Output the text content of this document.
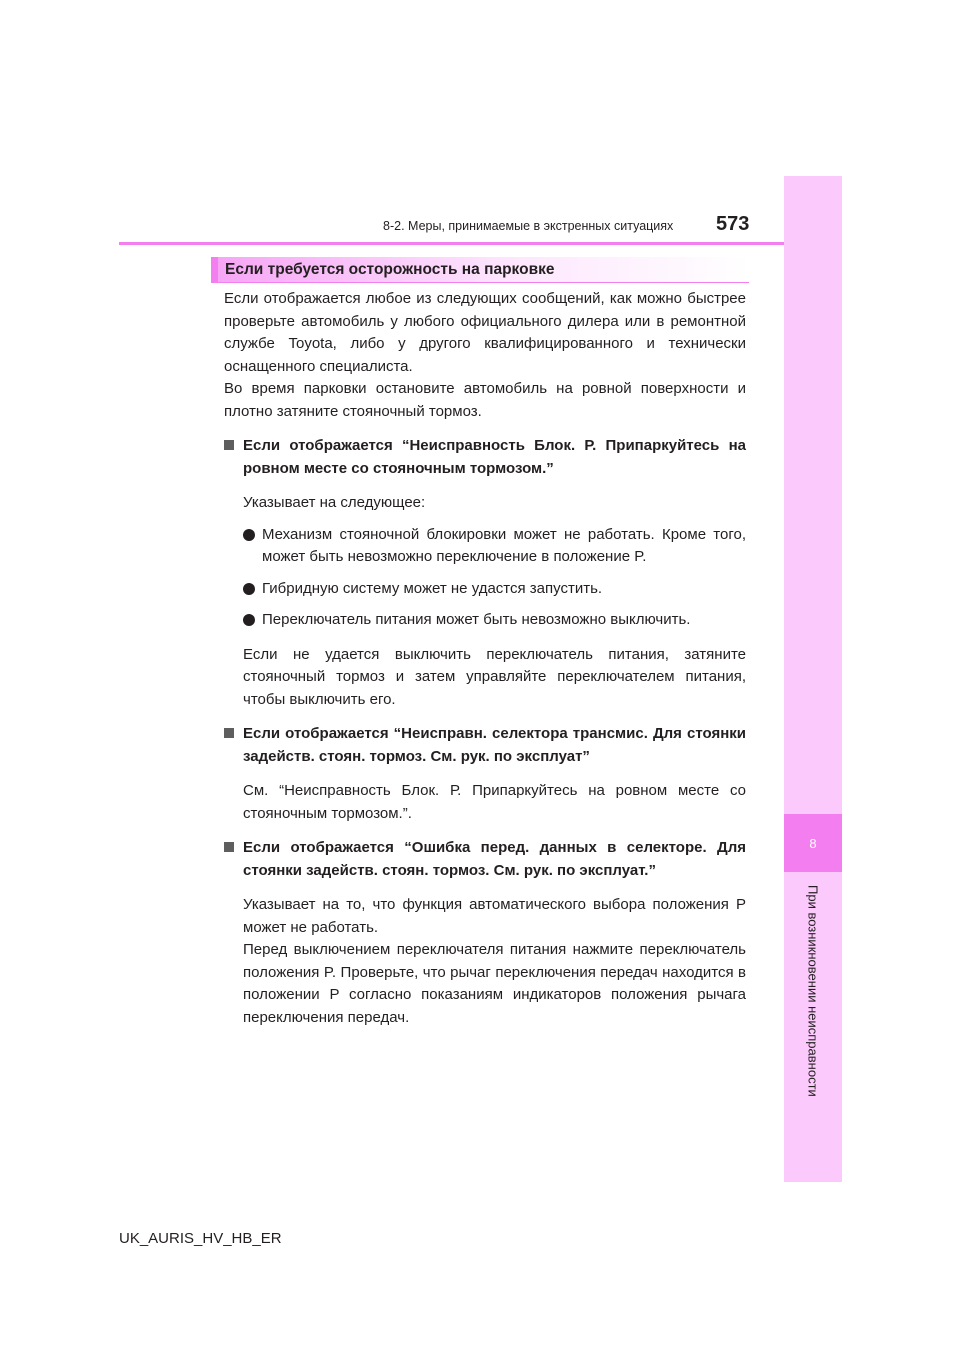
8
При возникновении неисправности
8-2. Меры, принимаемые в экстренных ситуациях 573
Если требуется осторожность на парковке

Если отображается любое из следующих сообщений, как можно быстрее проверьте автомобиль у любого официального дилера или в ремонтной службе Toyota, либо у другого квалифицированного и технически оснащенного специалиста.

Во время парковки остановите автомобиль на ровной поверхности и плотно затяните стояночный тормоз.

Если отображается “Неисправность Блок. Р. Припаркуйтесь на ровном месте со стояночным тормозом.”

Указывает на следующее:

Механизм стояночной блокировки может не работать. Кроме того, может быть невозможно переключение в положение P.
Гибридную систему может не удастся запустить.
Переключатель питания может быть невозможно выключить.

Если не удается выключить переключатель питания, затяните стояночный тормоз и затем управляйте переключателем питания, чтобы выключить его.

Если отображается “Неисправн. селектора трансмис. Для стоянки задейств. стоян. тормоз. См. рук. по эксплуат”

См. “Неисправность Блок. Р. Припаркуйтесь на ровном месте со стояночным тормозом.”.

Если отображается “Ошибка перед. данных в селекторе. Для стоянки задейств. стоян. тормоз. См. рук. по эксплуат.”

Указывает на то, что функция автоматического выбора положения P может не работать.

Перед выключением переключателя питания нажмите переключатель положения P. Проверьте, что рычаг переключения передач находится в положении P согласно показаниям индикаторов положения рычага переключения передач.

UK_AURIS_HV_HB_ER
